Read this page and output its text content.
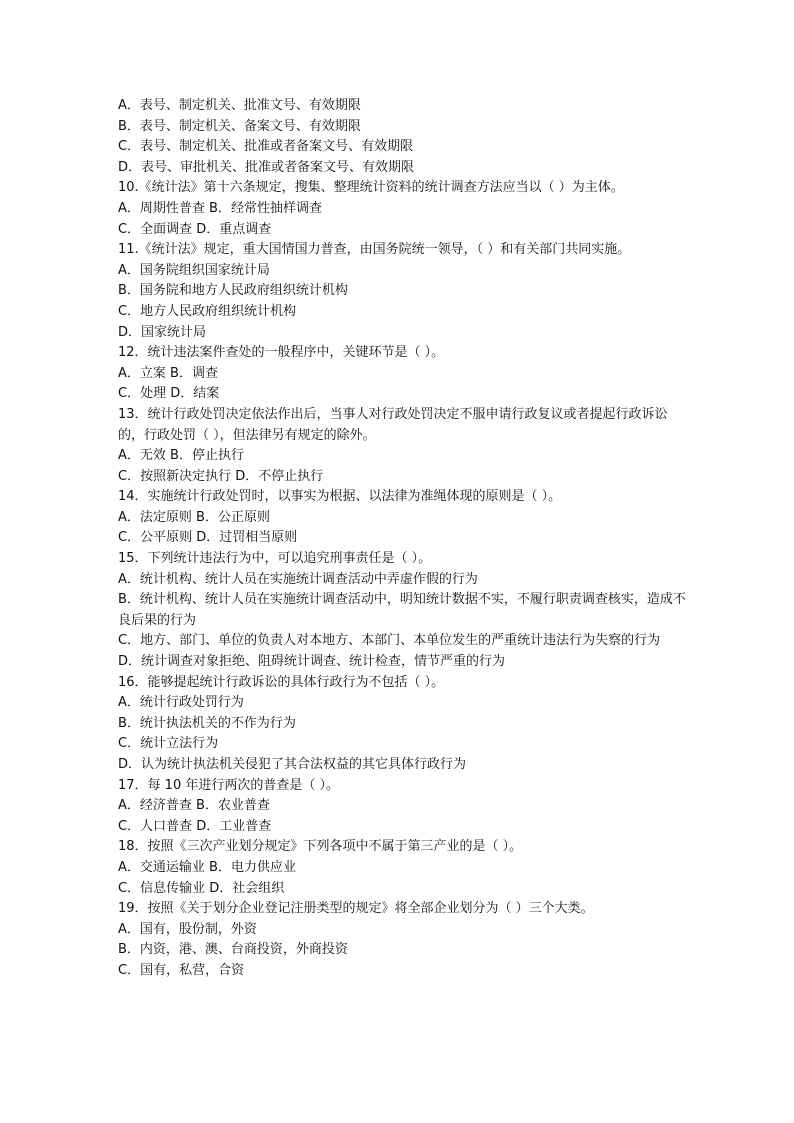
A．表号、制定机关、批准文号、有效期限

B．表号、制定机关、备案文号、有效期限

C．表号、制定机关、批准或者备案文号、有效期限

D．表号、审批机关、批准或者备案文号、有效期限

10.《统计法》第十六条规定，搜集、整理统计资料的统计调查方法应当以（ ）为主体。

A．周期性普查 B．经常性抽样调查

C．全面调查 D．重点调查

11.《统计法》规定，重大国情国力普查，由国务院统一领导，（ ）和有关部门共同实施。

A．国务院组织国家统计局

B．国务院和地方人民政府组织统计机构

C．地方人民政府组织统计机构

D．国家统计局

12．统计违法案件查处的一般程序中，关键环节是（ ）。

A．立案 B．调查

C．处理 D．结案

13．统计行政处罚决定依法作出后，当事人对行政处罚决定不服申请行政复议或者提起行政诉讼的，行政处罚（ ），但法律另有规定的除外。

A．无效 B．停止执行

C．按照新决定执行 D．不停止执行

14．实施统计行政处罚时，以事实为根据、以法律为准绳体现的原则是（ ）。

A．法定原则 B．公正原则

C．公平原则 D．过罚相当原则

15．下列统计违法行为中，可以追究刑事责任是（ ）。

A．统计机构、统计人员在实施统计调查活动中弄虚作假的行为

B．统计机构、统计人员在实施统计调查活动中，明知统计数据不实，不履行职责调查核实，造成不良后果的行为

C．地方、部门、单位的负责人对本地方、本部门、本单位发生的严重统计违法行为失察的行为

D．统计调查对象拒绝、阻碍统计调查、统计检查，情节严重的行为

16．能够提起统计行政诉讼的具体行政行为不包括（ ）。

A．统计行政处罚行为

B．统计执法机关的不作为行为

C．统计立法行为

D．认为统计执法机关侵犯了其合法权益的其它具体行政行为

17．每 10 年进行两次的普查是（ ）。

A．经济普查 B．农业普查

C．人口普查 D．工业普查

18．按照《三次产业划分规定》下列各项中不属于第三产业的是（ ）。

A．交通运输业 B．电力供应业

C．信息传输业 D．社会组织

19．按照《关于划分企业登记注册类型的规定》将全部企业划分为（ ）三个大类。

A．国有，股份制，外资

B．内资，港、澳、台商投资，外商投资

C．国有，私营，合资
